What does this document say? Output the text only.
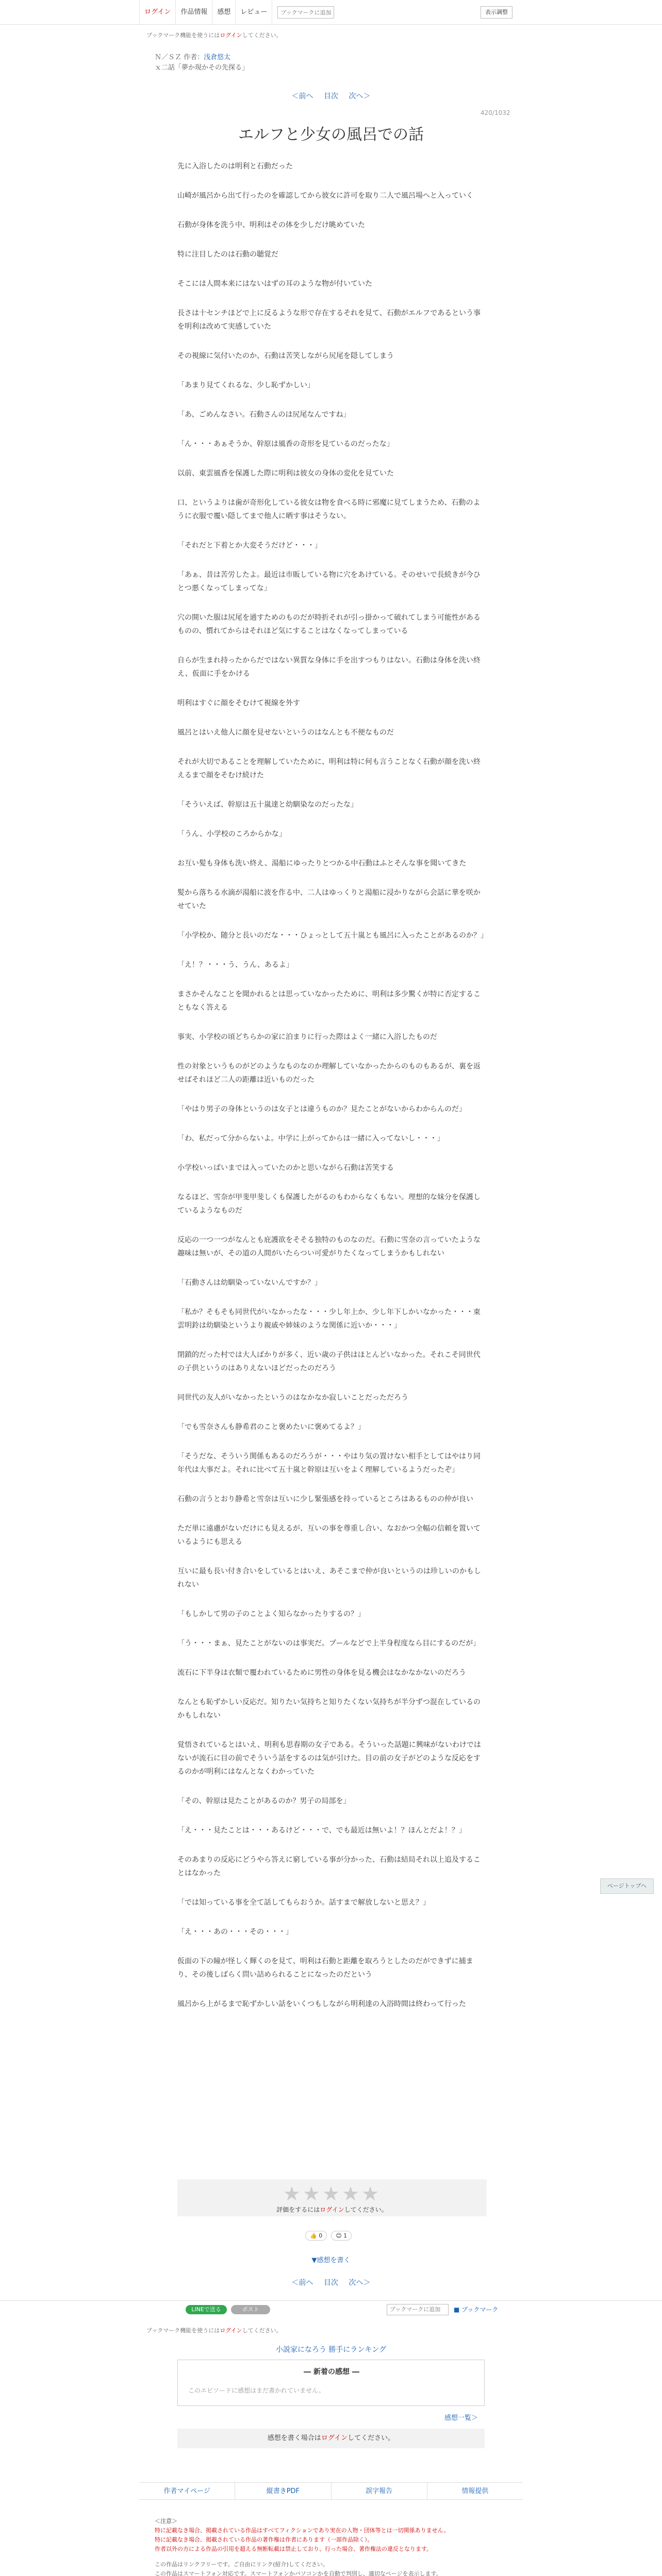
ログイン	作品情報	感想	レビュー
ブックマークに追加	表示調整
ブックマーク機能を使うにはログインしてください。
Ｎ／ＳＺ 作者：浅倉悠太
ｘ二話「夢か現かその先探る」
＜前へ 目次 次へ＞
420/1032
エルフと少女の風呂での話

先に入浴したのは明利と石動だった

山崎が風呂から出て行ったのを確認してから彼女に許可を取り二人で風呂場へと入っていく

石動が身体を洗う中、明利はその体を少しだけ眺めていた

特に注目したのは石動の聴覚だ

そこには人間本来にはないはずの耳のような物が付いていた

長さは十センチほどで上に反るような形で存在するそれを見て、石動がエルフであるという事を明利は改めて実感していた

その視線に気付いたのか、石動は苦笑しながら尻尾を隠してしまう

「あまり見てくれるな、少し恥ずかしい」

「あ、ごめんなさい。石動さんのは尻尾なんですね」

「ん・・・あぁそうか、幹原は風香の奇形を見ているのだったな」

以前、東雲風香を保護した際に明利は彼女の身体の変化を見ていた

口、というよりは歯が奇形化している彼女は物を食べる時に邪魔に見てしまうため、石動のように衣服で覆い隠してまで他人に晒す事はそうない。

「それだと下着とか大変そうだけど・・・」

「あぁ、昔は苦労したよ。最近は市販している物に穴をあけている。そのせいで長続きが今ひとつ悪くなってしまってな」

穴の開いた服は尻尾を通すためのものだが時折それが引っ掛かって破れてしまう可能性があるものの、慣れてからはそれほど気にすることはなくなってしまっている

自らが生まれ持ったからだではない異質な身体に手を出すつもりはない。石動は身体を洗い終え、仮面に手をかける

明利はすぐに顔をそむけて視線を外す

風呂とはいえ他人に顔を見せないというのはなんとも不便なものだ

それが大切であることを理解していたために、明利は特に何も言うことなく石動が顔を洗い終えるまで顔をそむけ続けた

「そういえば、幹原は五十嵐達と幼馴染なのだったな」

「うん、小学校のころからかな」

お互い髪も身体も洗い終え、湯船にゆったりとつかる中石動はふとそんな事を聞いてきた

髪から落ちる水滴が湯船に波を作る中、二人はゆっくりと湯船に浸かりながら会話に華を咲かせていた

「小学校か、随分と長いのだな・・・ひょっとして五十嵐とも風呂に入ったことがあるのか？」

「え！？・・・う、うん、あるよ」

まさかそんなことを聞かれるとは思っていなかったために、明利は多少驚くが特に否定することもなく答える

事実、小学校の頃どちらかの家に泊まりに行った際はよく一緒に入浴したものだ

性の対象というものがどのようなものなのか理解していなかったからのものもあるが、裏を返せばそれほど二人の距離は近いものだった

「やはり男子の身体というのは女子とは違うものか？見たことがないからわからんのだ」

「わ、私だって分からないよ。中学に上がってからは一緒に入ってないし・・・」

小学校いっぱいまでは入っていたのかと思いながら石動は苦笑する

なるほど、雪奈が甲斐甲斐しくも保護したがるのもわからなくもない。理想的な妹分を保護しているようなものだ

反応の一つ一つがなんとも庇護欲をそそる独特のものなのだ。石動に雪奈の言っていたような趣味は無いが、その道の人間がいたらつい可愛がりたくなってしまうかもしれない

「石動さんは幼馴染っていないんですか？」

「私か？そもそも同世代がいなかったな・・・少し年上か、少し年下しかいなかった・・・東雲明鈴は幼馴染というより親戚や姉妹のような関係に近いか・・・」

閉鎖的だった村では大人ばかりが多く、近い歳の子供はほとんどいなかった。それこそ同世代の子供というのはありえないほどだったのだろう

同世代の友人がいなかったというのはなかなか寂しいことだっただろう

「でも雪奈さんも静希君のこと褒めたいに褒めてるよ？」

「そうだな、そういう関係もあるのだろうが・・・やはり気の置けない相手としてはやはり同年代は大事だよ。それに比べて五十嵐と幹原は互いをよく理解しているようだったぞ」

石動の言うとおり静希と雪奈は互いに少し緊張感を持っているところはあるものの仲が良い

ただ単に遠慮がないだけにも見えるが、互いの事を尊重し合い、なおかつ全幅の信頼を置いているようにも思える

互いに最も長い付き合いをしているとはいえ、あそこまで仲が良いというのは珍しいのかもしれない

「もしかして男の子のことよく知らなかったりするの？」

「う・・・まぁ、見たことがないのは事実だ。プールなどで上半身程度なら目にするのだが」

流石に下半身は衣類で覆われているために男性の身体を見る機会はなかなかないのだろう

なんとも恥ずかしい反応だ。知りたい気持ちと知りたくない気持ちが半分ずつ混在しているのかもしれない

覚悟されているとはいえ、明利も思春期の女子である。そういった話題に興味がないわけではないが流石に目の前でそういう話をするのは気が引けた。目の前の女子がどのような反応をするのかが明利にはなんとなくわかっていた

「その、幹原は見たことがあるのか？男子の局部を」

「え・・・見たことは・・・あるけど・・・で、でも最近は無いよ！？ほんとだよ！？」

そのあまりの反応にどうやら答えに窮している事が分かった、石動は結局それ以上追及することはなかった

「では知っている事を全て話してもらおうか。話すまで解放しないと思え？」

「え・・・あの・・・その・・・」

仮面の下の瞳が怪しく輝くのを見て、明利は石動と距離を取ろうとしたのだができずに捕まり、その後しばらく問い詰められることになったのだという

風呂から上がるまで恥ずかしい話をいくつもしながら明利達の入浴時間は終わって行った

ページトップへ
★★★★★
評価をするにはログインしてください。
👍 0	😊 1
▼感想を書く
＜前へ 目次 次へ＞
LINEで送る	ポスト
ブックマークに追加	■ ブックマーク
ブックマーク機能を使うにはログインしてください。
小説家になろう 勝手にランキング
― 新着の感想 ―
このエピソードに感想はまだ書かれていません。
感想一覧＞
感想を書く場合はログインしてください。
作者マイページ	縦書きPDF	誤字報告	情報提供
＜注意＞
特に記載なき場合、掲載されている作品はすべてフィクションであり実在の人物・団体等とは一切関係ありません。
特に記載なき場合、掲載されている作品の著作権は作者にあります（一部作品除く）。
作者以外の方による作品の引用を超える無断転載は禁止しており、行った場合、著作権法の違反となります。
この作品はリンクフリーです。ご自由にリンク(紹介)してください。
この作品はスマートフォン対応です。スマートフォンかパソコンかを自動で判別し、適切なページを表示します。
